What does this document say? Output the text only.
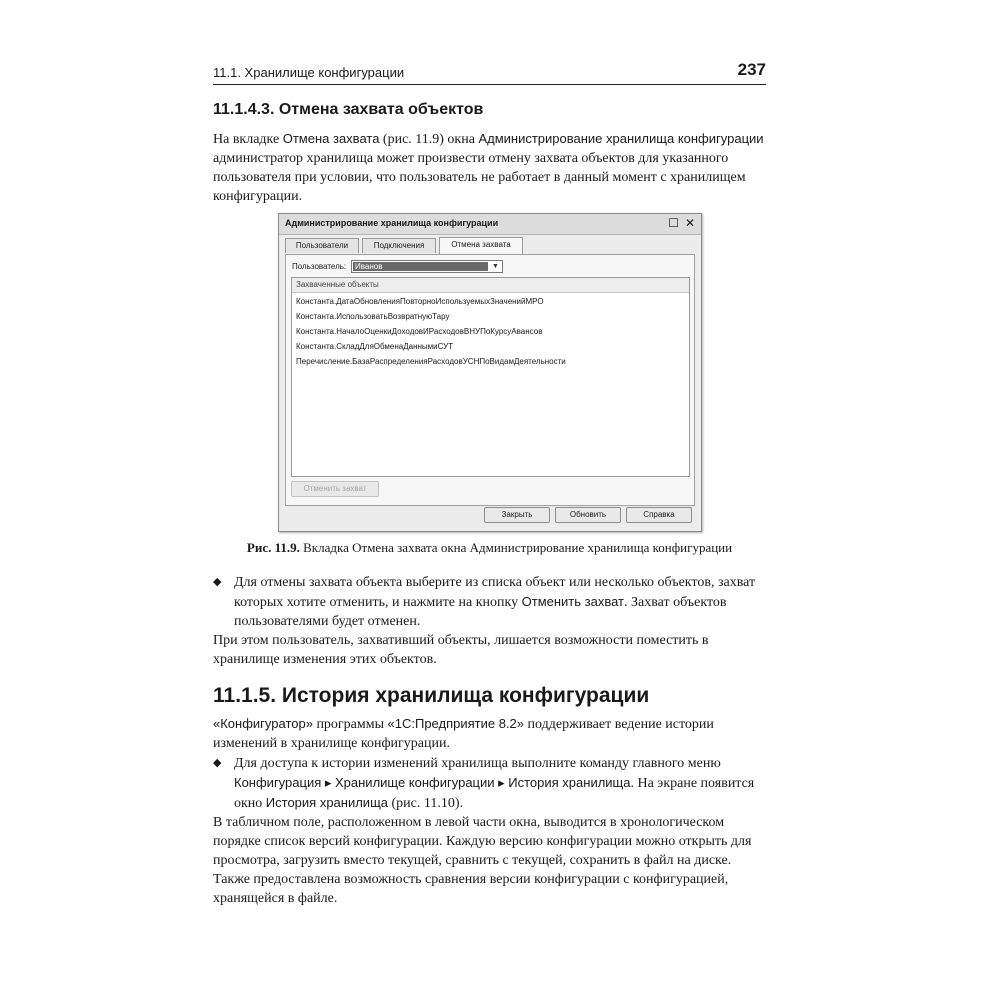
11.1. Хранилище конфигурации	237
11.1.4.3. Отмена захвата объектов
На вкладке Отмена захвата (рис. 11.9) окна Администрирование хранилища конфигурации администратор хранилища может произвести отмену захвата объектов для указанного пользователя при условии, что пользователь не работает в данный момент с хранилищем конфигурации.
Администрирование хранилища конфигурации	☐ ✕
Пользователи	Подключения	Отмена захвата
Пользователь: Иванов	▼
Захваченные объекты
Константа.ДатаОбновленияПовторноИспользуемыхЗначенийМРО
Константа.ИспользоватьВозвратнуюТару
Константа.НачалоОценкиДоходовИРасходовВНУПоКурсуАвансов
Константа.СкладДляОбменаДаннымиСУТ
Перечисление.БазаРаспределенияРасходовУСНПоВидамДеятельности
Отменить захват
Закрыть	Обновить	Справка
Рис. 11.9. Вкладка Отмена захвата окна Администрирование хранилища конфигурации
◆ Для отмены захвата объекта выберите из списка объект или несколько объектов, захват которых хотите отменить, и нажмите на кнопку Отменить захват. Захват объектов пользователями будет отменен.
При этом пользователь, захвативший объекты, лишается возможности поместить в хранилище изменения этих объектов.
11.1.5. История хранилища конфигурации
«Конфигуратор» программы «1С:Предприятие 8.2» поддерживает ведение истории изменений в хранилище конфигурации.
◆ Для доступа к истории изменений хранилища выполните команду главного меню Конфигурация ▸ Хранилище конфигурации ▸ История хранилища. На экране появится окно История хранилища (рис. 11.10).
В табличном поле, расположенном в левой части окна, выводится в хронологическом порядке список версий конфигурации. Каждую версию конфигурации можно открыть для просмотра, загрузить вместо текущей, сравнить с текущей, сохранить в файл на диске. Также предоставлена возможность сравнения версии конфигурации с конфигурацией, хранящейся в файле.
